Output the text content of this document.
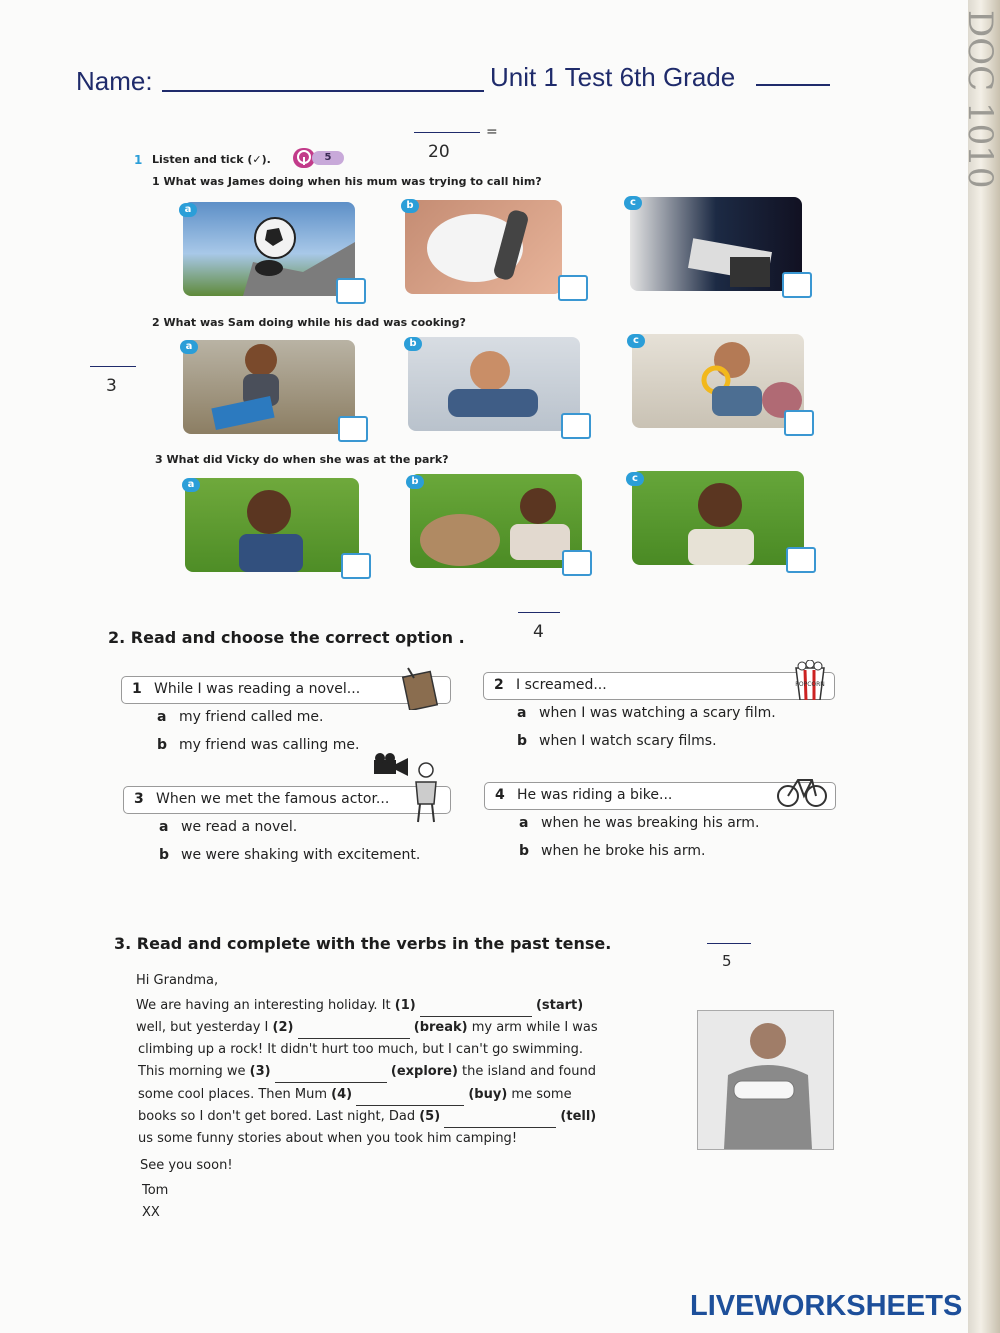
DOC 1010
Name:	Unit 1 Test 6th Grade
=
20
1 Listen and tick (✓).	5
1 What was James doing when his mum was trying to call him?
2 What was Sam doing while his dad was cooking?
3 What did Vicky do when she was at the park?
a	b	c
a	b	c
3
a	b	c
2. Read and choose the correct option .	4
1 While I was reading a novel...
a my friend called me.
b my friend was calling me.
2 I screamed...	POPCORN
a when I was watching a scary film.
b when I watch scary films.
3 When we met the famous actor...
a we read a novel.
b we were shaking with excitement.
4 He was riding a bike...
a when he was breaking his arm.
b when he broke his arm.
3. Read and complete with the verbs in the past tense.
5
Hi Grandma,
We are having an interesting holiday. It (1)	(start)
well, but yesterday I (2)	(break) my arm while I was
climbing up a rock! It didn't hurt too much, but I can't go swimming.
This morning we (3)	(explore) the island and found
some cool places. Then Mum (4)	(buy) me some
books so I don't get bored. Last night, Dad (5)	(tell)
us some funny stories about when you took him camping!
See you soon!
Tom
XX
LIVEWORKSHEETS
